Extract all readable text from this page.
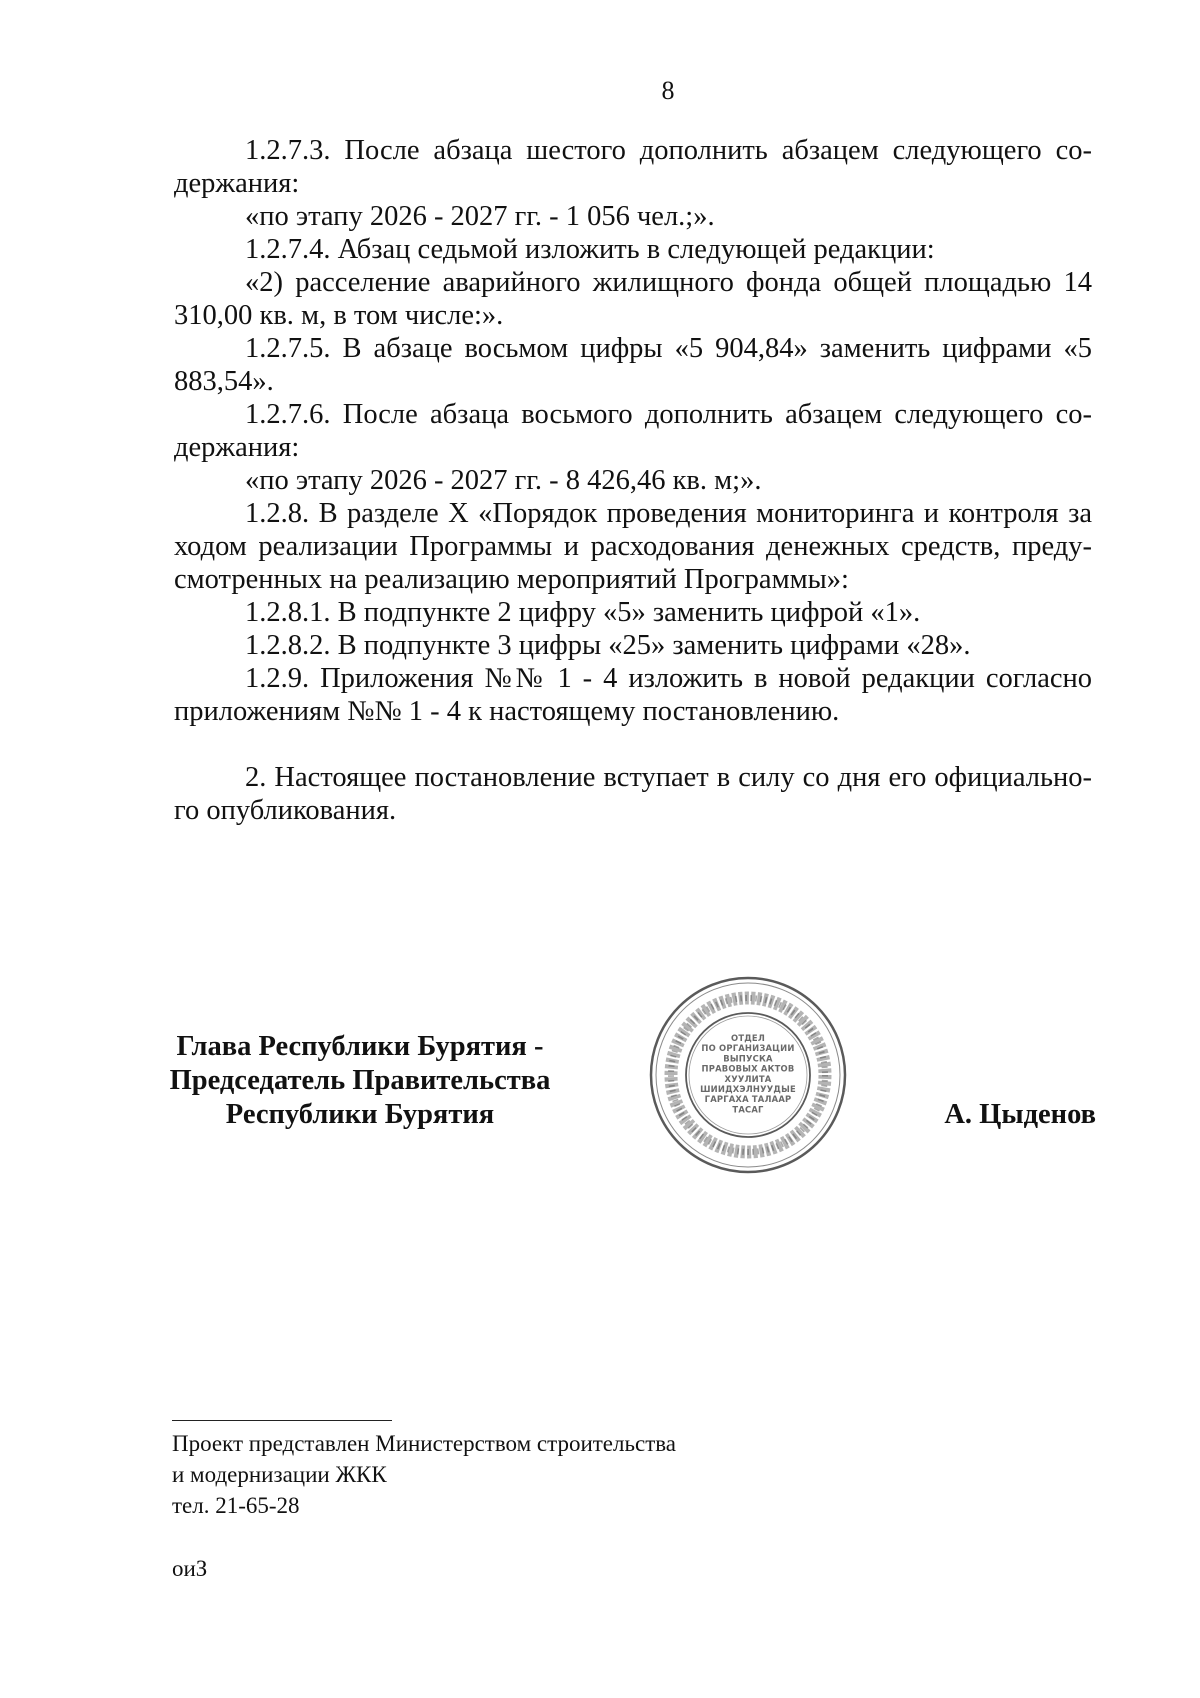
8

1.2.7.3. После абзаца шестого дополнить абзацем следующего со-держания:

«по этапу 2026 - 2027 гг. - 1 056 чел.;».

1.2.7.4. Абзац седьмой изложить в следующей редакции:

«2) расселение аварийного жилищного фонда общей площадью 14 310,00 кв. м, в том числе:».

1.2.7.5. В абзаце восьмом цифры «5 904,84» заменить цифрами «5 883,54».

1.2.7.6. После абзаца восьмого дополнить абзацем следующего со-держания:

«по этапу 2026 - 2027 гг. - 8 426,46 кв. м;».

1.2.8. В разделе X «Порядок проведения мониторинга и контроля за ходом реализации Программы и расходования денежных средств, преду-смотренных на реализацию мероприятий Программы»:

1.2.8.1. В подпункте 2 цифру «5» заменить цифрой «1».

1.2.8.2. В подпункте 3 цифры «25» заменить цифрами «28».

1.2.9. Приложения №№ 1 - 4 изложить в новой редакции согласно приложениям №№ 1 - 4 к настоящему постановлению.

2. Настоящее постановление вступает в силу со дня его официально-го опубликования.

Глава Республики Бурятия -
Председатель Правительства
Республики Бурятия
ОТДЕЛ
ПО ОРГАНИЗАЦИИ
ВЫПУСКА
ПРАВОВЫХ АКТОВ
ХУУЛИТА
ШИИДХЭЛНУУДЫЕ
ГАРГАХА ТАЛААР
ТАСАГ	А. Цыденов
Проект представлен Министерством строительства
и модернизации ЖКК
тел. 21-65-28
оиЗ
